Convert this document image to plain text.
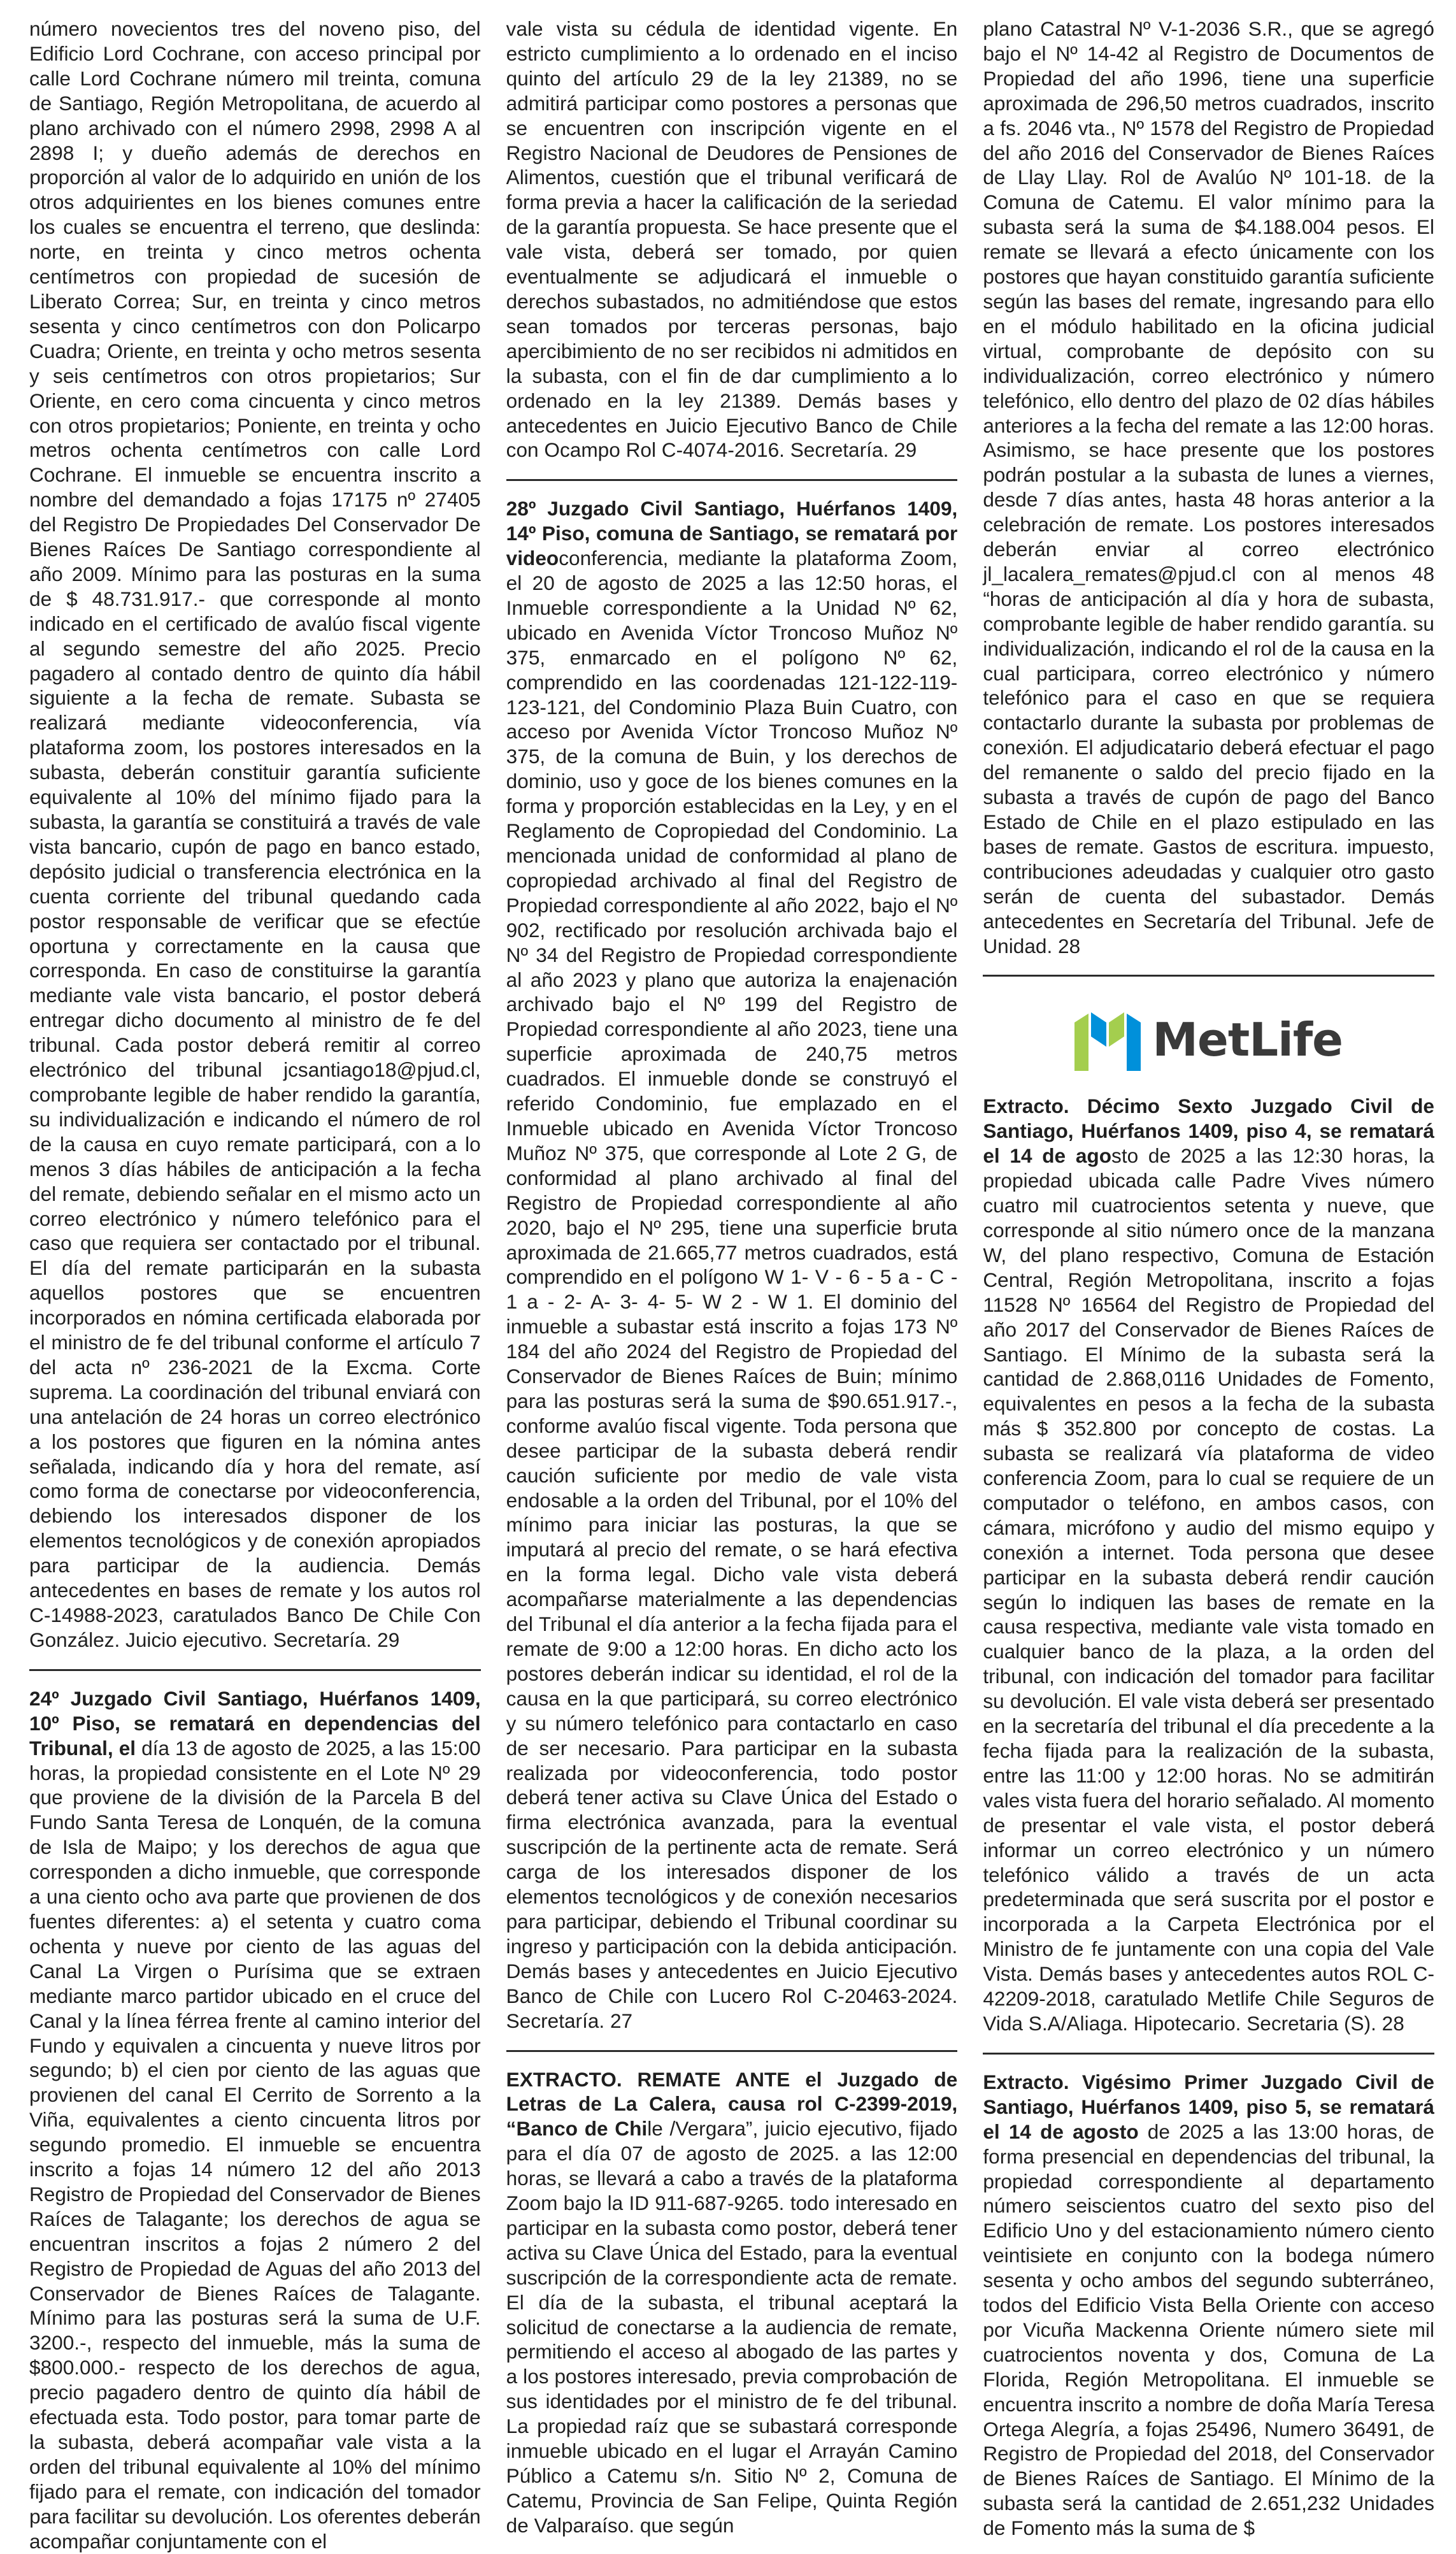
número novecientos tres del noveno piso, del Edificio Lord Cochrane, con acceso principal por calle Lord Cochrane número mil treinta, comuna de Santiago, Región Metropolitana, de acuerdo al plano archivado con el número 2998, 2998 A al 2898 I; y dueño además de derechos en proporción al valor de lo adquirido en unión de los otros adquirientes en los bienes comunes entre los cuales se encuentra el terreno, que deslinda: norte, en treinta y cinco metros ochenta centímetros con propiedad de sucesión de Liberato Correa; Sur, en treinta y cinco metros sesenta y cinco centímetros con don Policarpo Cuadra; Oriente, en treinta y ocho metros sesenta y seis centímetros con otros propietarios; Sur Oriente, en cero coma cincuenta y cinco metros con otros propietarios; Poniente, en treinta y ocho metros ochenta centímetros con calle Lord Cochrane. El inmueble se encuentra inscrito a nombre del demandado a fojas 17175 nº 27405 del Registro De Propiedades Del Conservador De Bienes Raíces De Santiago correspondiente al año 2009. Mínimo para las posturas en la suma de $ 48.731.917.- que corresponde al monto indicado en el certificado de avalúo fiscal vigente al segundo semestre del año 2025. Precio pagadero al contado dentro de quinto día hábil siguiente a la fecha de remate. Subasta se realizará mediante videoconferencia, vía plataforma zoom, los postores interesados en la subasta, deberán constituir garantía suficiente equivalente al 10% del mínimo fijado para la subasta, la garantía se constituirá a través de vale vista bancario, cupón de pago en banco estado, depósito judicial o transferencia electrónica en la cuenta corriente del tribunal quedando cada postor responsable de verificar que se efectúe oportuna y correctamente en la causa que corresponda. En caso de constituirse la garantía mediante vale vista bancario, el postor deberá entregar dicho documento al ministro de fe del tribunal. Cada postor deberá remitir al correo electrónico del tribunal jcsantiago18@pjud.cl, comprobante legible de haber rendido la garantía, su individualización e indicando el número de rol de la causa en cuyo remate participará, con a lo menos 3 días hábiles de anticipación a la fecha del remate, debiendo señalar en el mismo acto un correo electrónico y número telefónico para el caso que requiera ser contactado por el tribunal. El día del remate participarán en la subasta aquellos postores que se encuentren incorporados en nómina certificada elaborada por el ministro de fe del tribunal conforme el artículo 7 del acta nº 236-2021 de la Excma. Corte suprema. La coordinación del tribunal enviará con una antelación de 24 horas un correo electrónico a los postores que figuren en la nómina antes señalada, indicando día y hora del remate, así como forma de conectarse por videoconferencia, debiendo los interesados disponer de los elementos tecnológicos y de conexión apropiados para participar de la audiencia. Demás antecedentes en bases de remate y los autos rol C-14988-2023, caratulados Banco De Chile Con González. Juicio ejecutivo. Secretaría. 29

24º Juzgado Civil Santiago, Huérfanos 1409, 10º Piso, se rematará en dependencias del Tribunal, el día 13 de agosto de 2025, a las 15:00 horas, la propiedad consistente en el Lote Nº 29 que proviene de la división de la Parcela B del Fundo Santa Teresa de Lonquén, de la comuna de Isla de Maipo; y los derechos de agua que corresponden a dicho inmueble, que corresponde a una ciento ocho ava parte que provienen de dos fuentes diferentes: a) el setenta y cuatro coma ochenta y nueve por ciento de las aguas del Canal La Virgen o Purísima que se extraen mediante marco partidor ubicado en el cruce del Canal y la línea férrea frente al camino interior del Fundo y equivalen a cincuenta y nueve litros por segundo; b) el cien por ciento de las aguas que provienen del canal El Cerrito de Sorrento a la Viña, equivalentes a ciento cincuenta litros por segundo promedio. El inmueble se encuentra inscrito a fojas 14 número 12 del año 2013 Registro de Propiedad del Conservador de Bienes Raíces de Talagante; los derechos de agua se encuentran inscritos a fojas 2 número 2 del Registro de Propiedad de Aguas del año 2013 del Conservador de Bienes Raíces de Talagante. Mínimo para las posturas será la suma de U.F. 3200.-, respecto del inmueble, más la suma de $800.000.- respecto de los derechos de agua, precio pagadero dentro de quinto día hábil de efectuada esta. Todo postor, para tomar parte de la subasta, deberá acompañar vale vista a la orden del tribunal equivalente al 10% del mínimo fijado para el remate, con indicación del tomador para facilitar su devolución. Los oferentes deberán acompañar conjuntamente con el

vale vista su cédula de identidad vigente. En estricto cumplimiento a lo ordenado en el inciso quinto del artículo 29 de la ley 21389, no se admitirá participar como postores a personas que se encuentren con inscripción vigente en el Registro Nacional de Deudores de Pensiones de Alimentos, cuestión que el tribunal verificará de forma previa a hacer la calificación de la seriedad de la garantía propuesta. Se hace presente que el vale vista, deberá ser tomado, por quien eventualmente se adjudicará el inmueble o derechos subastados, no admitiéndose que estos sean tomados por terceras personas, bajo apercibimiento de no ser recibidos ni admitidos en la subasta, con el fin de dar cumplimiento a lo ordenado en la ley 21389. Demás bases y antecedentes en Juicio Ejecutivo Banco de Chile con Ocampo Rol C-4074-2016. Secretaría. 29

28º Juzgado Civil Santiago, Huérfanos 1409, 14º Piso, comuna de Santiago, se rematará por videoconferencia, mediante la plataforma Zoom, el 20 de agosto de 2025 a las 12:50 horas, el Inmueble correspondiente a la Unidad Nº 62, ubicado en Avenida Víctor Troncoso Muñoz Nº 375, enmarcado en el polígono Nº 62, comprendido en las coordenadas 121-122-119-123-121, del Condominio Plaza Buin Cuatro, con acceso por Avenida Víctor Troncoso Muñoz Nº 375, de la comuna de Buin, y los derechos de dominio, uso y goce de los bienes comunes en la forma y proporción establecidas en la Ley, y en el Reglamento de Copropiedad del Condominio. La mencionada unidad de conformidad al plano de copropiedad archivado al final del Registro de Propiedad correspondiente al año 2022, bajo el Nº 902, rectificado por resolución archivada bajo el Nº 34 del Registro de Propiedad correspondiente al año 2023 y plano que autoriza la enajenación archivado bajo el Nº 199 del Registro de Propiedad correspondiente al año 2023, tiene una superficie aproximada de 240,75 metros cuadrados. El inmueble donde se construyó el referido Condominio, fue emplazado en el Inmueble ubicado en Avenida Víctor Troncoso Muñoz Nº 375, que corresponde al Lote 2 G, de conformidad al plano archivado al final del Registro de Propiedad correspondiente al año 2020, bajo el Nº 295, tiene una superficie bruta aproximada de 21.665,77 metros cuadrados, está comprendido en el polígono W 1- V - 6 - 5 a - C - 1 a - 2- A- 3- 4- 5- W 2 - W 1. El dominio del inmueble a subastar está inscrito a fojas 173 Nº 184 del año 2024 del Registro de Propiedad del Conservador de Bienes Raíces de Buin; mínimo para las posturas será la suma de $90.651.917.-, conforme avalúo fiscal vigente. Toda persona que desee participar de la subasta deberá rendir caución suficiente por medio de vale vista endosable a la orden del Tribunal, por el 10% del mínimo para iniciar las posturas, la que se imputará al precio del remate, o se hará efectiva en la forma legal. Dicho vale vista deberá acompañarse materialmente a las dependencias del Tribunal el día anterior a la fecha fijada para el remate de 9:00 a 12:00 horas. En dicho acto los postores deberán indicar su identidad, el rol de la causa en la que participará, su correo electrónico y su número telefónico para contactarlo en caso de ser necesario. Para participar en la subasta realizada por videoconferencia, todo postor deberá tener activa su Clave Única del Estado o firma electrónica avanzada, para la eventual suscripción de la pertinente acta de remate. Será carga de los interesados disponer de los elementos tecnológicos y de conexión necesarios para participar, debiendo el Tribunal coordinar su ingreso y participación con la debida anticipación. Demás bases y antecedentes en Juicio Ejecutivo Banco de Chile con Lucero Rol C-20463-2024. Secretaría. 27

EXTRACTO. REMATE ANTE el Juzgado de Letras de La Calera, causa rol C-2399-2019, “Banco de Chile /Vergara”, juicio ejecutivo, fijado para el día 07 de agosto de 2025. a las 12:00 horas, se llevará a cabo a través de la plataforma Zoom bajo la ID 911-687-9265. todo interesado en participar en la subasta como postor, deberá tener activa su Clave Única del Estado, para la eventual suscripción de la correspondiente acta de remate. El día de la subasta, el tribunal aceptará la solicitud de conectarse a la audiencia de remate, permitiendo el acceso al abogado de las partes y a los postores interesado, previa comprobación de sus identidades por el ministro de fe del tribunal. La propiedad raíz que se subastará corresponde inmueble ubicado en el lugar el Arrayán Camino Público a Catemu s/n. Sitio Nº 2, Comuna de Catemu, Provincia de San Felipe, Quinta Región de Valparaíso. que según

plano Catastral Nº V-1-2036 S.R., que se agregó bajo el Nº 14-42 al Registro de Documentos de Propiedad del año 1996, tiene una superficie aproximada de 296,50 metros cuadrados, inscrito a fs. 2046 vta., Nº 1578 del Registro de Propiedad del año 2016 del Conservador de Bienes Raíces de Llay Llay. Rol de Avalúo Nº 101-18. de la Comuna de Catemu. El valor mínimo para la subasta será la suma de $4.188.004 pesos. El remate se llevará a efecto únicamente con los postores que hayan constituido garantía suficiente según las bases del remate, ingresando para ello en el módulo habilitado en la oficina judicial virtual, comprobante de depósito con su individualización, correo electrónico y número telefónico, ello dentro del plazo de 02 días hábiles anteriores a la fecha del remate a las 12:00 horas. Asimismo, se hace presente que los postores podrán postular a la subasta de lunes a viernes, desde 7 días antes, hasta 48 horas anterior a la celebración de remate. Los postores interesados deberán enviar al correo electrónico jl_lacalera_remates@pjud.cl con al menos 48 “horas de anticipación al día y hora de subasta, comprobante legible de haber rendido garantía. su individualización, indicando el rol de la causa en la cual participara, correo electrónico y número telefónico para el caso en que se requiera contactarlo durante la subasta por problemas de conexión. El adjudicatario deberá efectuar el pago del remanente o saldo del precio fijado en la subasta a través de cupón de pago del Banco Estado de Chile en el plazo estipulado en las bases de remate. Gastos de escritura. impuesto, contribuciones adeudadas y cualquier otro gasto serán de cuenta del subastador. Demás antecedentes en Secretaría del Tribunal. Jefe de Unidad. 28

MetLife

Extracto. Décimo Sexto Juzgado Civil de Santiago, Huérfanos 1409, piso 4, se rematará el 14 de agosto de 2025 a las 12:30 horas, la propiedad ubicada calle Padre Vives número cuatro mil cuatrocientos setenta y nueve, que corresponde al sitio número once de la manzana W, del plano respectivo, Comuna de Estación Central, Región Metropolitana, inscrito a fojas 11528 Nº 16564 del Registro de Propiedad del año 2017 del Conservador de Bienes Raíces de Santiago. El Mínimo de la subasta será la cantidad de 2.868,0116 Unidades de Fomento, equivalentes en pesos a la fecha de la subasta más $ 352.800 por concepto de costas. La subasta se realizará vía plataforma de video conferencia Zoom, para lo cual se requiere de un computador o teléfono, en ambos casos, con cámara, micrófono y audio del mismo equipo y conexión a internet. Toda persona que desee participar en la subasta deberá rendir caución según lo indiquen las bases de remate en la causa respectiva, mediante vale vista tomado en cualquier banco de la plaza, a la orden del tribunal, con indicación del tomador para facilitar su devolución. El vale vista deberá ser presentado en la secretaría del tribunal el día precedente a la fecha fijada para la realización de la subasta, entre las 11:00 y 12:00 horas. No se admitirán vales vista fuera del horario señalado. Al momento de presentar el vale vista, el postor deberá informar un correo electrónico y un número telefónico válido a través de un acta predeterminada que será suscrita por el postor e incorporada a la Carpeta Electrónica por el Ministro de fe juntamente con una copia del Vale Vista. Demás bases y antecedentes autos ROL C-42209-2018, caratulado Metlife Chile Seguros de Vida S.A/Aliaga. Hipotecario. Secretaria (S). 28

Extracto. Vigésimo Primer Juzgado Civil de Santiago, Huérfanos 1409, piso 5, se rematará el 14 de agosto de 2025 a las 13:00 horas, de forma presencial en dependencias del tribunal, la propiedad correspondiente al departamento número seiscientos cuatro del sexto piso del Edificio Uno y del estacionamiento número ciento veintisiete en conjunto con la bodega número sesenta y ocho ambos del segundo subterráneo, todos del Edificio Vista Bella Oriente con acceso por Vicuña Mackenna Oriente número siete mil cuatrocientos noventa y dos, Comuna de La Florida, Región Metropolitana. El inmueble se encuentra inscrito a nombre de doña María Teresa Ortega Alegría, a fojas 25496, Numero 36491, de Registro de Propiedad del 2018, del Conservador de Bienes Raíces de Santiago. El Mínimo de la subasta será la cantidad de 2.651,232 Unidades de Fomento más la suma de $
